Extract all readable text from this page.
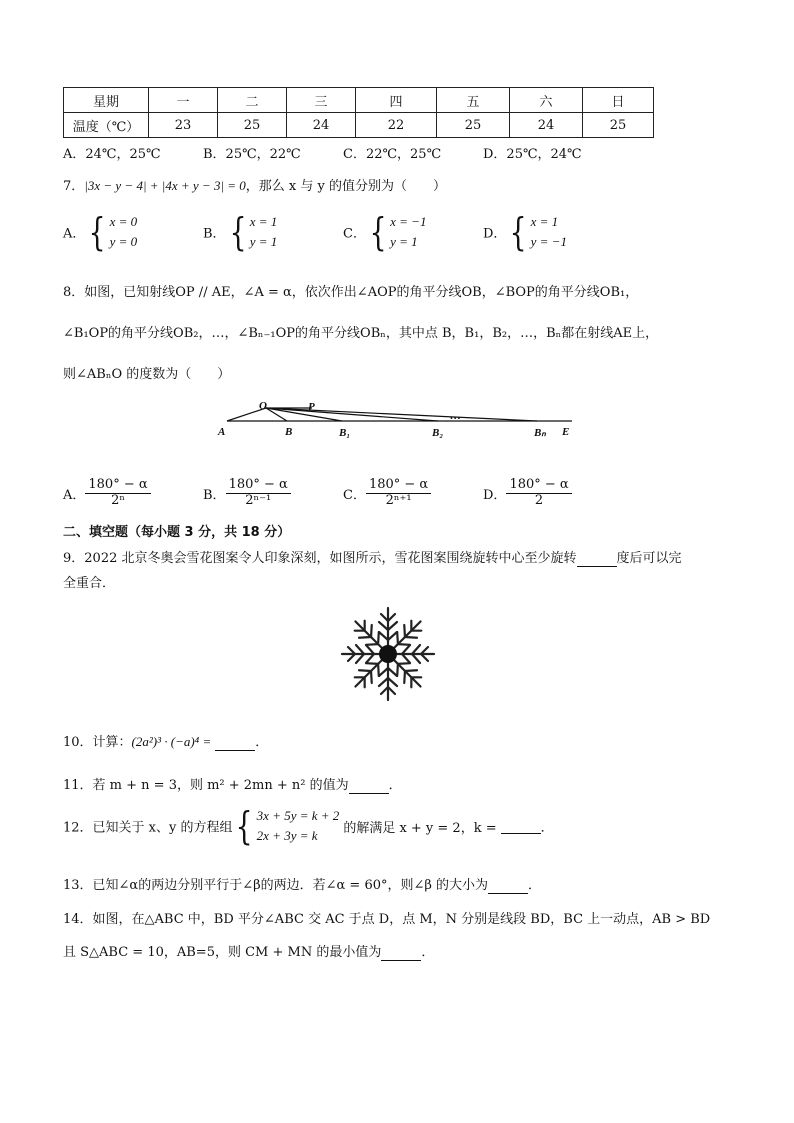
星期	一	二	三	四	五	六	日
温度（℃）	23	25	24	22	25	24	25
A．24℃，25℃	B．25℃，22℃	C．22℃，25℃	D．25℃，24℃
7．|3x − y − 4| + |4x + y − 3| = 0，那么 x 与 y 的值分别为（　　）
A．{ x = 0
y = 0	B．{ x = 1
y = 1	C．{ x = −1
y = 1	D．{ x = 1
y = −1
8．如图，已知射线OP // AE，∠A = α，依次作出∠AOP的角平分线OB，∠BOP的角平分线OB₁，
∠B₁OP的角平分线OB₂，…，∠Bₙ₋₁OP的角平分线OBₙ，其中点 B，B₁，B₂，…，Bₙ都在射线AE上，
则∠ABₙO 的度数为（　　）
O	P
A	B	B₁	B₂	Bₙ E
…
A． $\frac{180^\circ - \alpha}{\text{2ⁿ}}$	B． $\frac{180^\circ - \alpha}{\text{2ⁿ⁻¹}}$	C． $\frac{180^\circ - \alpha}{\text{2ⁿ⁺¹}}$	D． $\frac{180^\circ - \alpha}{2}$
二、填空题（每小题 3 分，共 18 分）
9．2022 北京冬奥会雪花图案令人印象深刻，如图所示，雪花图案围绕旋转中心至少旋转	度后可以完
全重合．
10．计算：(2a²)³ · (−a)⁴ =	．
11．若 m + n = 3，则 m² + 2mn + n² 的值为	．
12．已知关于 x、y 的方程组{ 3x + 5y = k + 2
2x + 3y = k	的解满足 x + y = 2，k =	．
13．已知∠α的两边分别平行于∠β的两边．若∠α = 60°，则∠β 的大小为	．
14．如图，在△ABC 中，BD 平分∠ABC 交 AC 于点 D，点 M，N 分别是线段 BD，BC 上一动点，AB > BD
且 S△ABC = 10，AB=5，则 CM + MN 的最小值为	．
